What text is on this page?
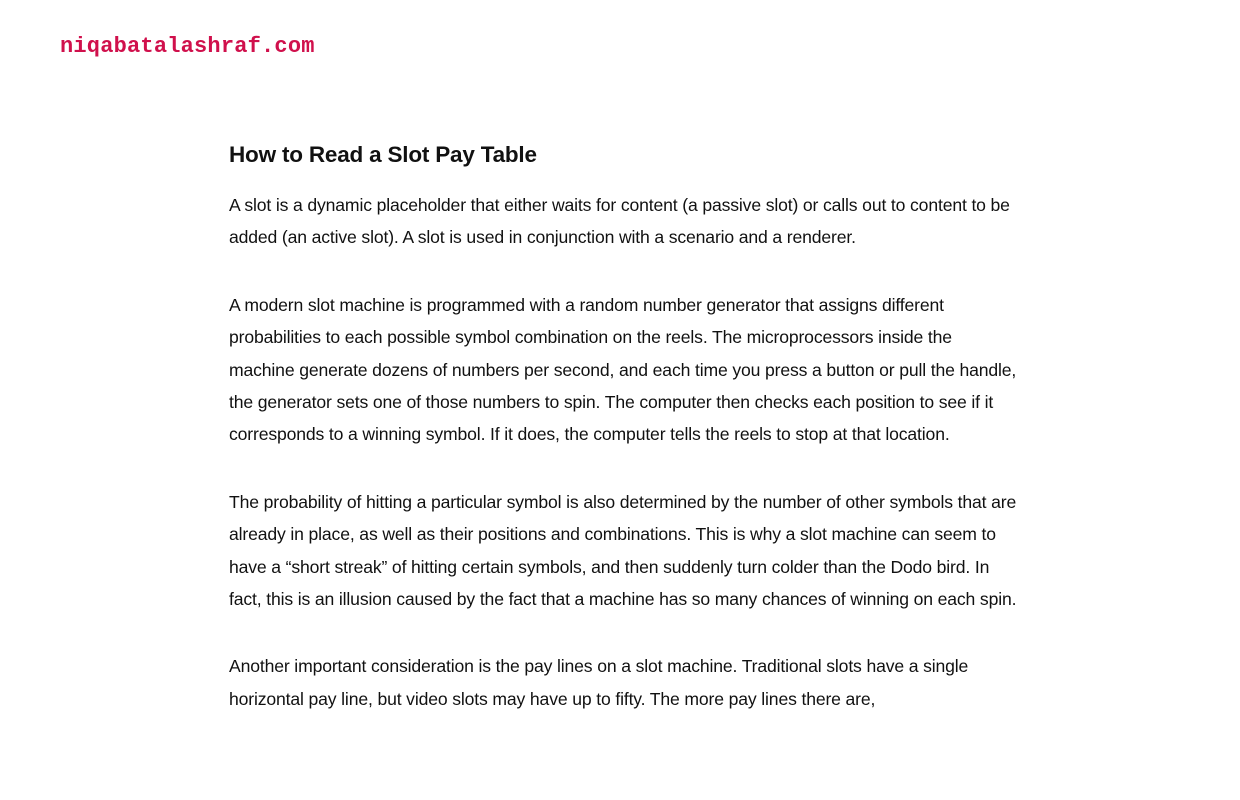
niqabatalashraf.com
How to Read a Slot Pay Table

A slot is a dynamic placeholder that either waits for content (a passive slot) or calls out to content to be added (an active slot). A slot is used in conjunction with a scenario and a renderer.

A modern slot machine is programmed with a random number generator that assigns different probabilities to each possible symbol combination on the reels. The microprocessors inside the machine generate dozens of numbers per second, and each time you press a button or pull the handle, the generator sets one of those numbers to spin. The computer then checks each position to see if it corresponds to a winning symbol. If it does, the computer tells the reels to stop at that location.

The probability of hitting a particular symbol is also determined by the number of other symbols that are already in place, as well as their positions and combinations. This is why a slot machine can seem to have a “short streak” of hitting certain symbols, and then suddenly turn colder than the Dodo bird. In fact, this is an illusion caused by the fact that a machine has so many chances of winning on each spin.

Another important consideration is the pay lines on a slot machine. Traditional slots have a single horizontal pay line, but video slots may have up to fifty. The more pay lines there are,
